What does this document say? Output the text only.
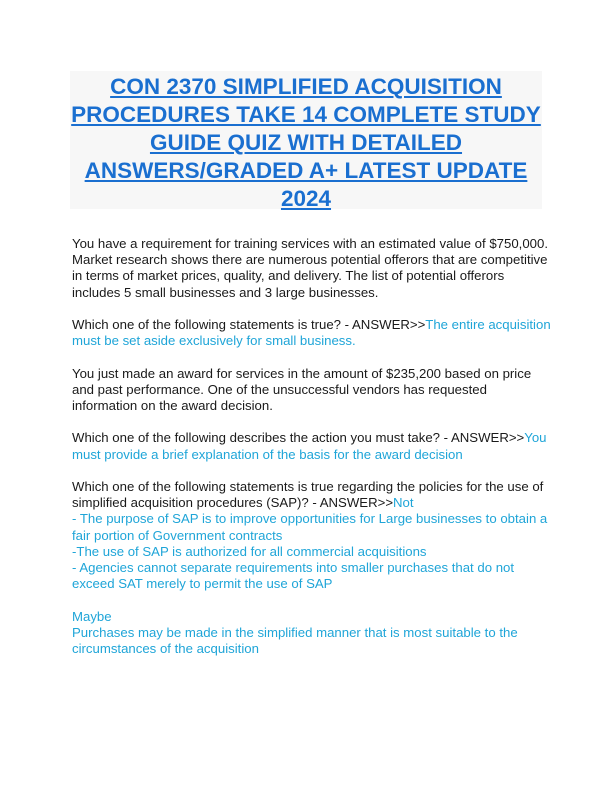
CON 2370 SIMPLIFIED ACQUISITION PROCEDURES TAKE 14 COMPLETE STUDY GUIDE QUIZ WITH DETAILED ANSWERS/GRADED A+ LATEST UPDATE 2024

You have a requirement for training services with an estimated value of $750,000. Market research shows there are numerous potential offerors that are competitive in terms of market prices, quality, and delivery. The list of potential offerors includes 5 small businesses and 3 large businesses.

Which one of the following statements is true? - ANSWER>>The entire acquisition must be set aside exclusively for small business.

You just made an award for services in the amount of $235,200 based on price and past performance. One of the unsuccessful vendors has requested information on the award decision.

Which one of the following describes the action you must take? - ANSWER>>You must provide a brief explanation of the basis for the award decision

Which one of the following statements is true regarding the policies for the use of simplified acquisition procedures (SAP)? - ANSWER>>Not
- The purpose of SAP is to improve opportunities for Large businesses to obtain a fair portion of Government contracts
-The use of SAP is authorized for all commercial acquisitions
- Agencies cannot separate requirements into smaller purchases that do not exceed SAT merely to permit the use of SAP

Maybe
Purchases may be made in the simplified manner that is most suitable to the circumstances of the acquisition
